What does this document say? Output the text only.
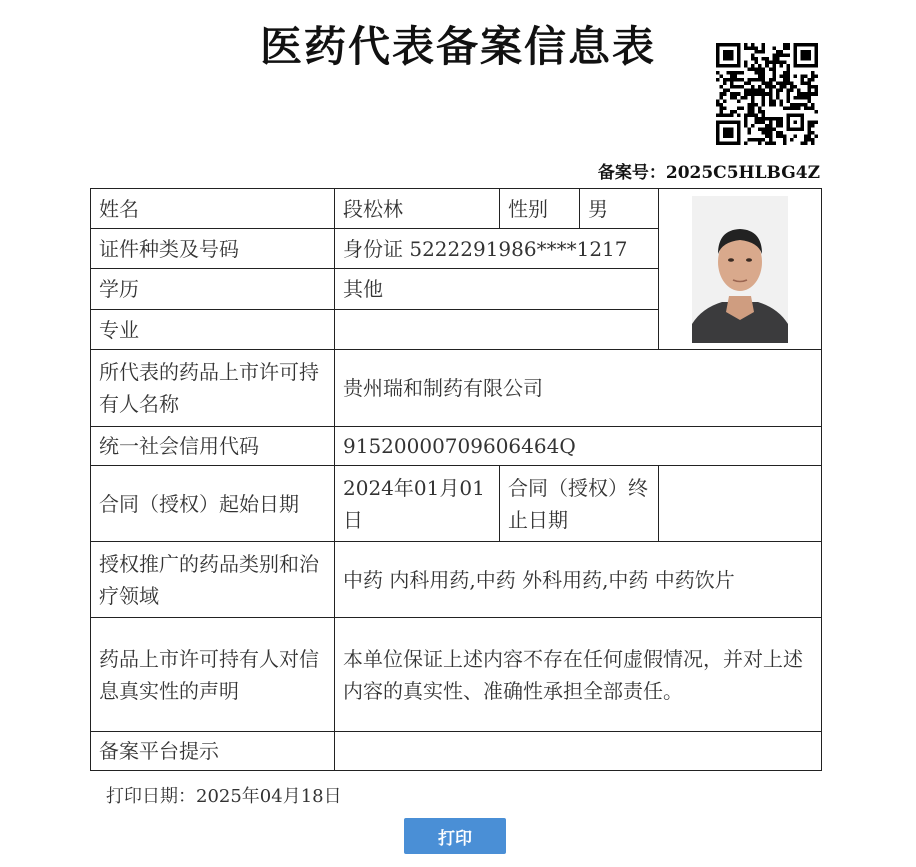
医药代表备案信息表
备案号：2025C5HLBG4Z
姓名	段松林	性别	男	

证件种类及号码	身份证 5222291986****1217			
学历	其他			
专业				
所代表的药品上市许可持有人名称	贵州瑞和制药有限公司			
统一社会信用代码	91520000709606464Q			
合同（授权）起始日期	2024年01月01日	合同（授权）终止日期		
授权推广的药品类别和治疗领域	中药 内科用药,中药 外科用药,中药 中药饮片			
药品上市许可持有人对信息真实性的声明	本单位保证上述内容不存在任何虚假情况，并对上述内容的真实性、准确性承担全部责任。			
备案平台提示				
打印日期：2025年04月18日
打印
